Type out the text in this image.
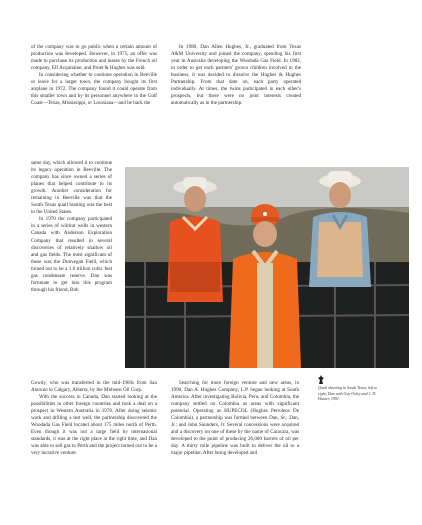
of the company was to go public when a certain amount of production was developed. However, in 1975, an offer was made to purchase its production and leases by the French oil company, Elf Acquitaine, and Pruet & Hughes was sold.

In considering whether to continue operation in Beeville or leave for a larger town, the company bought its first airplane in 1972. The company found it could operate from this smaller town and by its personnel anywhere in the Gulf Coast—Texas, Mississippi, or Louisiana—and be back the

same day, which allowed it to continue its legacy operation in Beeville. The company has since owned a series of planes that helped contribute to its growth. Another consideration for remaining in Beeville was that the South Texas quail hunting was the best in the United States.

In 1970 the company participated in a series of wildcat wells in western Canada with Anderson Exploration Company that resulted in several discoveries of relatively shallow oil and gas fields. The most significant of these was the Dunvegan Field, which turned out to be a 1.6 trillion cubic feet gas condensate reserve. Dan was fortunate to get into this program through his friend, Bob

Gowdy, who was transferred in the mid-1960s from San Antonio to Calgary, Alberta, by the Midwest Oil Corp.

With the success in Canada, Dan started looking at the possibilities in other foreign countries and took a deal on a prospect in Western Australia in 1978. After doing seismic work and drilling a test well, the partnership discovered the Woodada Gas Field located about 175 miles north of Perth. Even though it was not a large field by international standards, it was at the right place at the right time, and Dan was able to sell gas to Perth and the project turned out to be a very lucrative venture.

In 1980, Dan Allen Hughes, Jr., graduated from Texas A&M University and joined the company, spending his first year in Australia developing the Woodada Gas Field. In 1982, in order to get each partners' grown children involved in the business, it was decided to dissolve the Hughes & Hughes Partnership. From that date on, each party operated individually. At times, the twins participated in each other's prospects, but there were no joint interests created automatically as in the partnership.

Searching for more foreign venture and new areas, in 1990, Dan A. Hughes Company, L.P. began looking at South America. After investigating Bolivia, Peru, and Colombia, the company settled on Colombia as areas with significant potential. Operating as HUPECOL (Hughes Petroleos De Colombia), a partnership was formed between Dan, Sr.; Dan, Jr.; and John Saunders, Jr. Several concessions were acquired and a discovery on one of these by the name of Caracara, was developed to the point of producing 26,000 barrels of oil per day. A thirty mile pipeline was built to deliver the oil to a major pipeline. After being developed and

Quail shooting in South Texas, left to right, Dan with Guy Oxley and J. D. Hunter, 1991.
